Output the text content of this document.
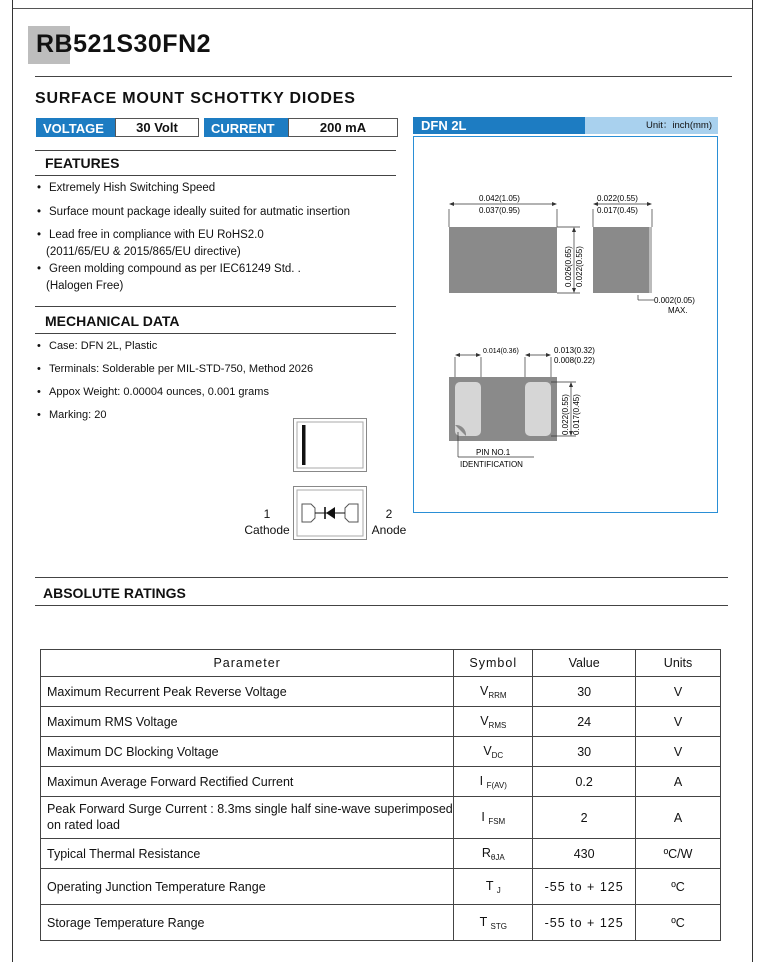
RB521S30FN2
SURFACE MOUNT SCHOTTKY DIODES
VOLTAGE	30 Volt	CURRENT	200 mA
FEATURES
• Extremely Hish Switching Speed
• Surface mount package ideally suited for autmatic insertion
• Lead free in compliance with EU RoHS2.0
(2011/65/EU & 2015/865/EU directive)
• Green molding compound as per IEC61249 Std. .
(Halogen Free)
MECHANICAL DATA
• Case: DFN 2L, Plastic
• Terminals: Solderable per MIL-STD-750, Method 2026
• Appox Weight: 0.00004 ounces, 0.001 grams
• Marking: 20
1
Cathode
2
Anode
DFN 2L	Unit：inch(mm)
0.042(1.05)
0.037(0.95)
0.026(0.65) 0.022(0.55)
0.022(0.55)
0.017(0.45)
0.002(0.05)
MAX.
0.014(0.36)	0.013(0.32)
0.008(0.22)
0.022(0.55) 0.017(0.45)
PIN NO.1
IDENTIFICATION
ABSOLUTE RATINGS
Parameter	Symbol	Value	Units
Maximum Recurrent Peak Reverse Voltage	$V_{RRM}$	30	V
Maximum RMS Voltage	$V_{RMS}$	24	V
Maximum DC Blocking Voltage	$V_{DC}$	30	V
Maximun Average Forward Rectified Current	I $_{F(AV)}$	0.2	A
Peak Forward Surge Current : 8.3ms single half sine-wave superimposed on rated load	I $_{FSM}$	2	A
Typical Thermal Resistance	$R_{\theta JA}$	430	ºC/W
Operating Junction Temperature Range	T $_J$	-55 to + 125	ºC
Storage Temperature Range	T $_{STG}$	-55 to + 125	ºC
